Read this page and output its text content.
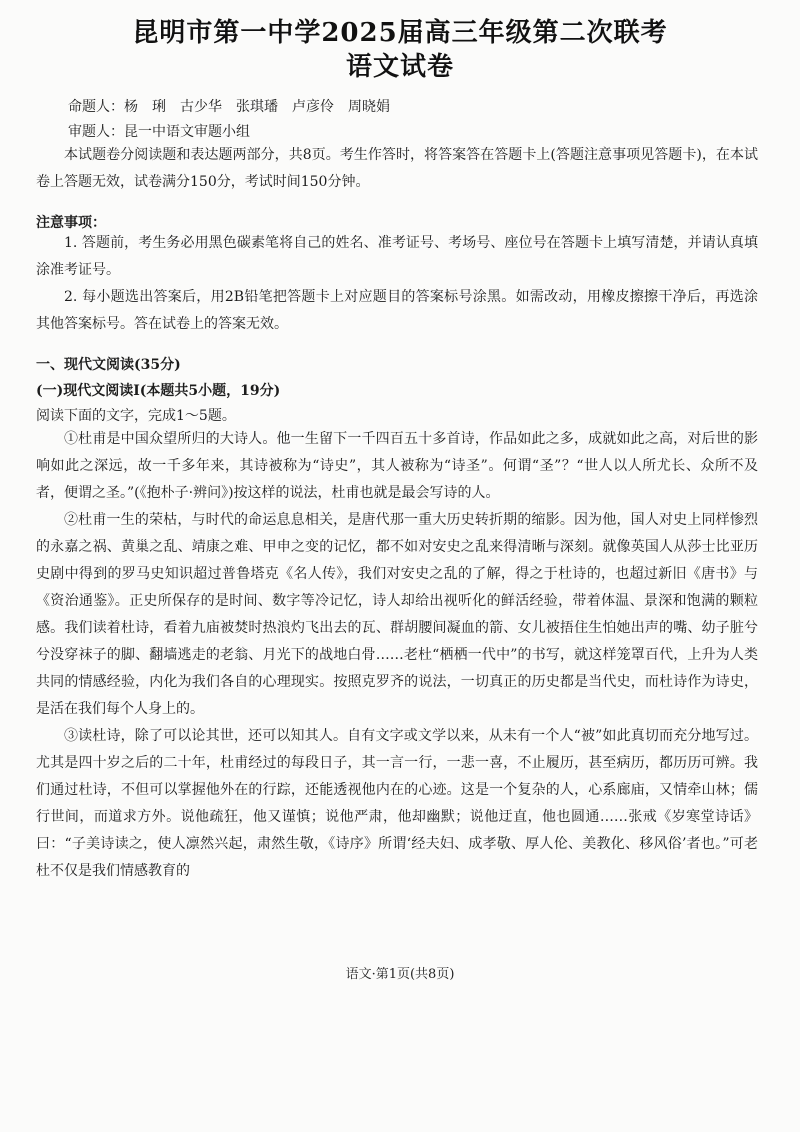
昆明市第一中学2025届高三年级第二次联考
语文试卷
命题人：杨　琍　古少华　张琪璠　卢彦伶　周晓娟
审题人：昆一中语文审题小组

本试题卷分阅读题和表达题两部分，共8页。考生作答时，将答案答在答题卡上(答题注意事项见答题卡)，在本试卷上答题无效，试卷满分150分，考试时间150分钟。

注意事项：

1. 答题前，考生务必用黑色碳素笔将自己的姓名、准考证号、考场号、座位号在答题卡上填写清楚，并请认真填涂准考证号。

2. 每小题选出答案后，用2B铅笔把答题卡上对应题目的答案标号涂黑。如需改动，用橡皮擦擦干净后，再选涂其他答案标号。答在试卷上的答案无效。

一、现代文阅读(35分)
(一)现代文阅读Ⅰ(本题共5小题，19分)
阅读下面的文字，完成1～5题。

①杜甫是中国众望所归的大诗人。他一生留下一千四百五十多首诗，作品如此之多，成就如此之高，对后世的影响如此之深远，故一千多年来，其诗被称为“诗史”，其人被称为“诗圣”。何谓“圣”？“世人以人所尤长、众所不及者，便谓之圣。”(《抱朴子·辨问》)按这样的说法，杜甫也就是最会写诗的人。

②杜甫一生的荣枯，与时代的命运息息相关，是唐代那一重大历史转折期的缩影。因为他，国人对史上同样惨烈的永嘉之祸、黄巢之乱、靖康之难、甲申之变的记忆，都不如对安史之乱来得清晰与深刻。就像英国人从莎士比亚历史剧中得到的罗马史知识超过普鲁塔克《名人传》，我们对安史之乱的了解，得之于杜诗的，也超过新旧《唐书》与《资治通鉴》。正史所保存的是时间、数字等冷记忆，诗人却给出视听化的鲜活经验，带着体温、景深和饱满的颗粒感。我们读着杜诗，看着九庙被焚时热浪灼飞出去的瓦、群胡腰间凝血的箭、女儿被捂住生怕她出声的嘴、幼子脏兮兮没穿袜子的脚、翻墙逃走的老翁、月光下的战地白骨……老杜“栖栖一代中”的书写，就这样笼罩百代，上升为人类共同的情感经验，内化为我们各自的心理现实。按照克罗齐的说法，一切真正的历史都是当代史，而杜诗作为诗史，是活在我们每个人身上的。

③读杜诗，除了可以论其世，还可以知其人。自有文字或文学以来，从未有一个人“被”如此真切而充分地写过。尤其是四十岁之后的二十年，杜甫经过的每段日子，其一言一行，一悲一喜，不止履历，甚至病历，都历历可辨。我们通过杜诗，不但可以掌握他外在的行踪，还能透视他内在的心迹。这是一个复杂的人，心系廊庙，又情牵山林；儒行世间，而道求方外。说他疏狂，他又谨慎；说他严肃，他却幽默；说他迂直，他也圆通……张戒《岁寒堂诗话》曰：“子美诗读之，使人凛然兴起，肃然生敬，《诗序》所谓‘经夫妇、成孝敬、厚人伦、美教化、移风俗’者也。”可老杜不仅是我们情感教育的

语文·第1页(共8页)
